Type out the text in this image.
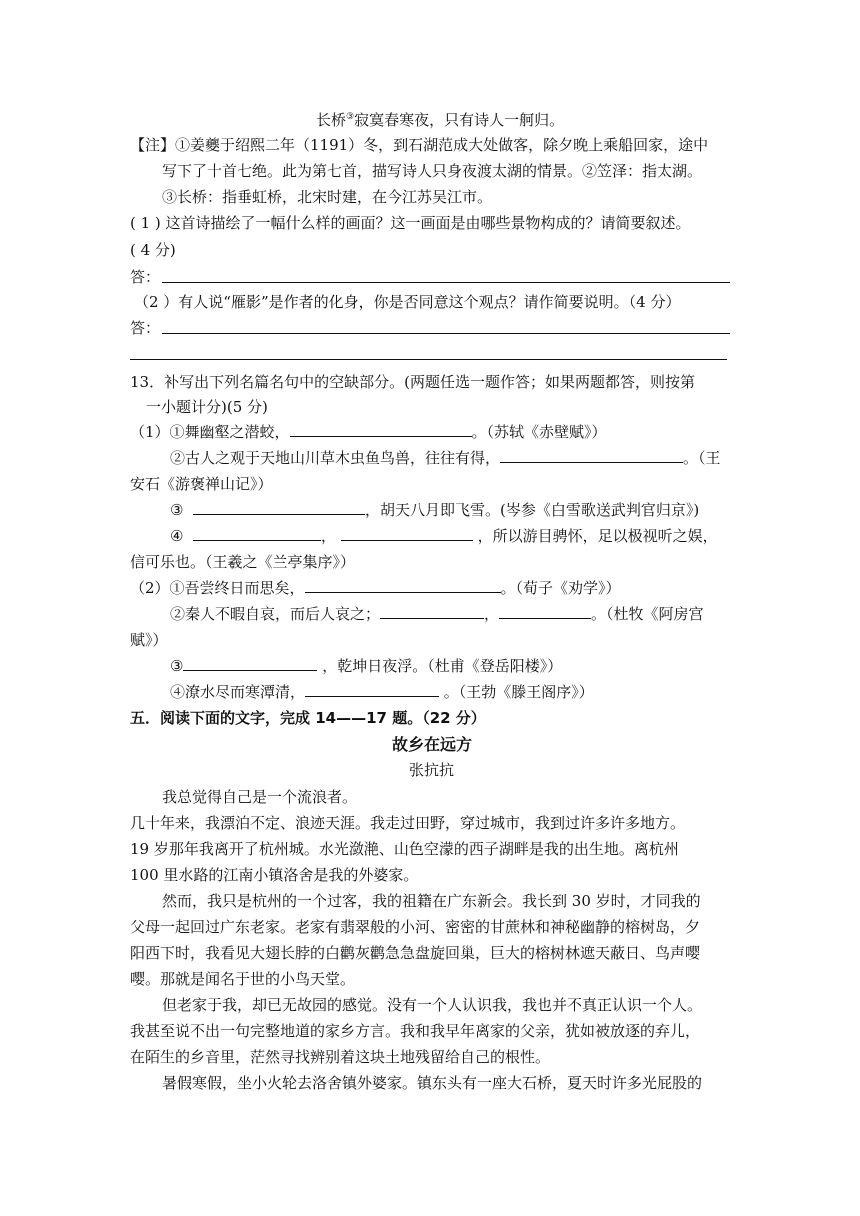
长桥③寂寞春寒夜，只有诗人一舸归。
【注】①姜夔于绍熙二年（1191）冬，到石湖范成大处做客，除夕晚上乘船回家，途中
写下了十首七绝。此为第七首，描写诗人只身夜渡太湖的情景。②笠泽：指太湖。
③长桥：指垂虹桥，北宋时建，在今江苏吴江市。
( 1 ) 这首诗描绘了一幅什么样的画面？这一画面是由哪些景物构成的？请简要叙述。
( 4 分)
答：
（2 ）有人说“雁影”是作者的化身，你是否同意这个观点？请作简要说明。（4 分）
答：
13．补写出下列名篇名句中的空缺部分。(两题任选一题作答；如果两题都答，则按第
一小题计分)(5 分)
（1）①舞幽壑之潜蛟，	。（苏轼《赤壁赋》）
②古人之观于天地山川草木虫鱼鸟兽，往往有得，	。（王
安石《游褒禅山记》）
③	，胡天八月即飞雪。(岑参《白雪歌送武判官归京》)
④	，	，所以游目骋怀，足以极视听之娱，
信可乐也。（王羲之《兰亭集序》）
（2）①吾尝终日而思矣，	。（荀子《劝学》）
②秦人不暇自哀，而后人哀之；	，	。（杜牧《阿房宫
赋》）
③	，乾坤日夜浮。（杜甫《登岳阳楼》）
④潦水尽而寒潭清，	。（王勃《滕王阁序》）
五．阅读下面的文字，完成 14——17 题。（22 分）
故乡在远方
张抗抗
我总觉得自己是一个流浪者。
几十年来，我漂泊不定、浪迹天涯。我走过田野，穿过城市，我到过许多许多地方。
19 岁那年我离开了杭州城。水光潋滟、山色空濛的西子湖畔是我的出生地。离杭州
100 里水路的江南小镇洛舍是我的外婆家。
然而，我只是杭州的一个过客，我的祖籍在广东新会。我长到 30 岁时，才同我的
父母一起回过广东老家。老家有翡翠般的小河、密密的甘蔗林和神秘幽静的榕树岛，夕
阳西下时，我看见大翅长脖的白鹳灰鹳急急盘旋回巢，巨大的榕树林遮天蔽日、鸟声嘤
嘤。那就是闻名于世的小鸟天堂。
但老家于我，却已无故园的感觉。没有一个人认识我，我也并不真正认识一个人。
我甚至说不出一句完整地道的家乡方言。我和我早年离家的父亲，犹如被放逐的弃儿，
在陌生的乡音里，茫然寻找辨别着这块土地残留给自己的根性。
暑假寒假，坐小火轮去洛舍镇外婆家。镇东头有一座大石桥，夏天时许多光屁股的
